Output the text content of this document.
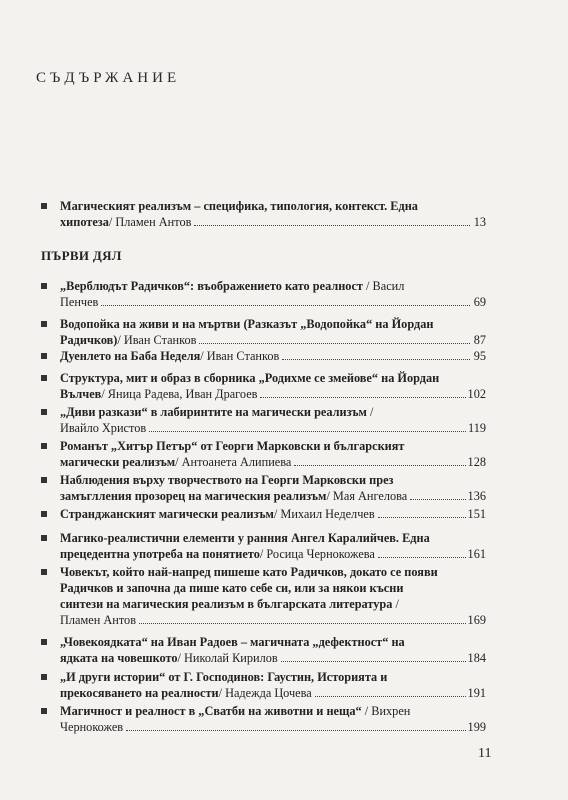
СЪДЪРЖАНИЕ
Магическият реализъм – специфика, типология, контекст. Една
хипотеза / Пламен Антов	13
ПЪРВИ ДЯЛ
„Верблюдът Радичков“: въображението като реалност / Васил
Пенчев	69
Водопойка на живи и на мъртви (Разказът „Водопойка“ на Йордан
Радичков) / Иван Станков	87
Дуенлето на Баба Неделя / Иван Станков	95
Структура, мит и образ в сборника „Родихме се змейове“ на Йордан
Вълчев / Яница Радева, Иван Драгоев	102
„Диви разкази“ в лабиринтите на магически реализъм /
Ивайло Христов	119
Романът „Хитър Петър“ от Георги Марковски и българският
магически реализъм / Антоанета Алипиева	128
Наблюдения върху творчеството на Георги Марковски през
замъглления прозорец на магическия реализъм / Мая Ангелова	136
Странджанският магически реализъм / Михаил Неделчев	151
Магико-реалистични елементи у ранния Ангел Каралийчев. Една
прецедентна употреба на понятието / Росица Чернокожева	161
Човекът, който най-напред пишеше като Радичков, докато се появи
Радичков и започна да пише като себе си, или за някои късни
синтези на магическия реализъм в българската литература /
Пламен Антов	169
„Човекоядката“ на Иван Радоев – магичната „дефектност“ на
ядката на човешкото / Николай Кирилов	184
„И други истории“ от Г. Господинов: Гаустин, Историята и
прекосяването на реалности / Надежда Цочева	191
Магичност и реалност в „Сватби на животни и неща“ / Вихрен
Чернокожев	199
11
